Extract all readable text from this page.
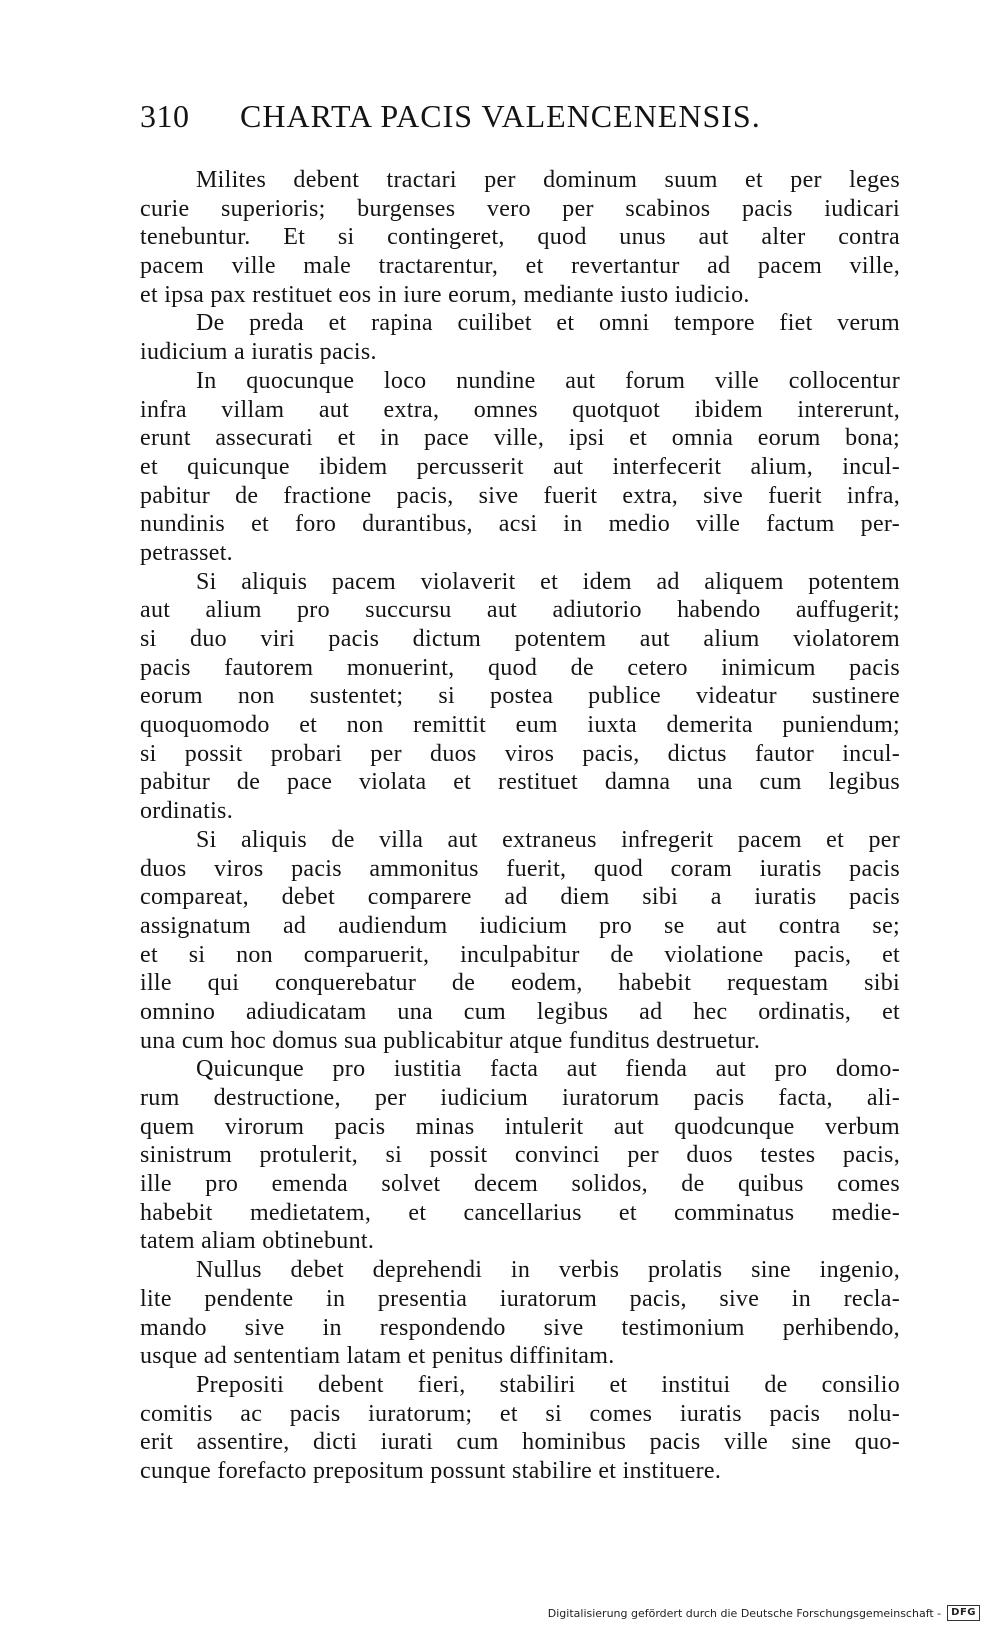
310 CHARTA PACIS VALENCENENSIS.
Milites debent tractari per dominum suum et per leges
curie superioris; burgenses vero per scabinos pacis iudicari
tenebuntur. Et si contingeret, quod unus aut alter contra
pacem ville male tractarentur, et revertantur ad pacem ville,
et ipsa pax restituet eos in iure eorum, mediante iusto iudicio.
De preda et rapina cuilibet et omni tempore fiet verum
iudicium a iuratis pacis.
In quocunque loco nundine aut forum ville collocentur
infra villam aut extra, omnes quotquot ibidem intererunt,
erunt assecurati et in pace ville, ipsi et omnia eorum bona;
et quicunque ibidem percusserit aut interfecerit alium, incul-
pabitur de fractione pacis, sive fuerit extra, sive fuerit infra,
nundinis et foro durantibus, acsi in medio ville factum per-
petrasset.
Si aliquis pacem violaverit et idem ad aliquem potentem
aut alium pro succursu aut adiutorio habendo auffugerit;
si duo viri pacis dictum potentem aut alium violatorem
pacis fautorem monuerint, quod de cetero inimicum pacis
eorum non sustentet; si postea publice videatur sustinere
quoquomodo et non remittit eum iuxta demerita puniendum;
si possit probari per duos viros pacis, dictus fautor incul-
pabitur de pace violata et restituet damna una cum legibus
ordinatis.
Si aliquis de villa aut extraneus infregerit pacem et per
duos viros pacis ammonitus fuerit, quod coram iuratis pacis
compareat, debet comparere ad diem sibi a iuratis pacis
assignatum ad audiendum iudicium pro se aut contra se;
et si non comparuerit, inculpabitur de violatione pacis, et
ille qui conquerebatur de eodem, habebit requestam sibi
omnino adiudicatam una cum legibus ad hec ordinatis, et
una cum hoc domus sua publicabitur atque funditus destruetur.
Quicunque pro iustitia facta aut fienda aut pro domo-
rum destructione, per iudicium iuratorum pacis facta, ali-
quem virorum pacis minas intulerit aut quodcunque verbum
sinistrum protulerit, si possit convinci per duos testes pacis,
ille pro emenda solvet decem solidos, de quibus comes
habebit medietatem, et cancellarius et comminatus medie-
tatem aliam obtinebunt.
Nullus debet deprehendi in verbis prolatis sine ingenio,
lite pendente in presentia iuratorum pacis, sive in recla-
mando sive in respondendo sive testimonium perhibendo,
usque ad sententiam latam et penitus diffinitam.
Prepositi debent fieri, stabiliri et institui de consilio
comitis ac pacis iuratorum; et si comes iuratis pacis nolu-
erit assentire, dicti iurati cum hominibus pacis ville sine quo-
cunque forefacto prepositum possunt stabilire et instituere.
Digitalisierung gefördert durch die Deutsche Forschungsgemeinschaft -	DFG
